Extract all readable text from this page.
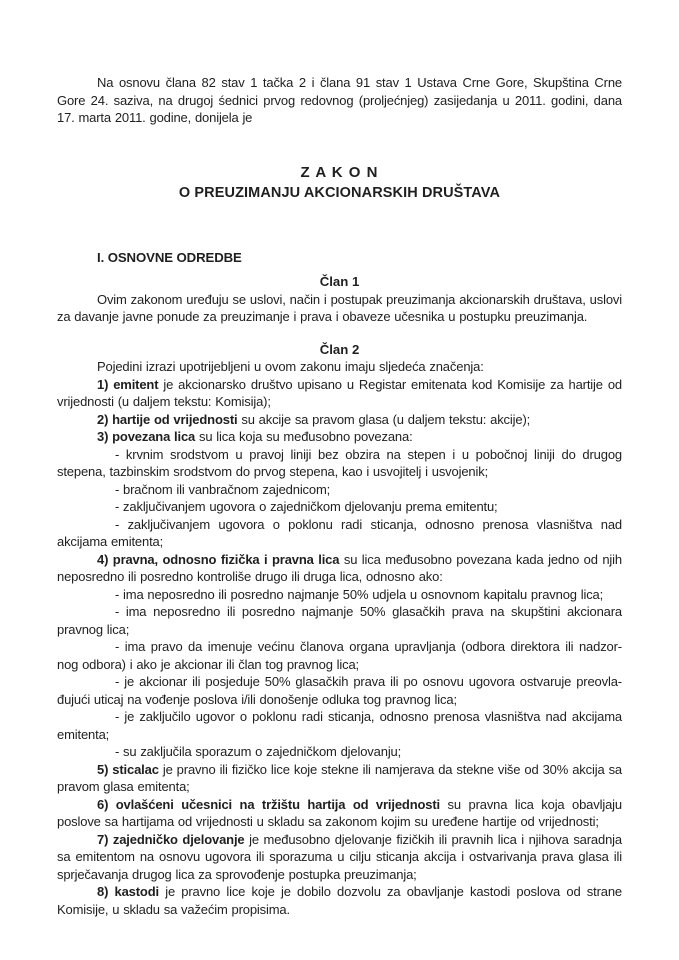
Na osnovu člana 82 stav 1 tačka 2 i člana 91 stav 1 Ustava Crne Gore, Skupština Crne Gore 24. saziva, na drugoj śednici prvog redovnog (proljećnjeg) zasijedanja u 2011. godini, dana 17. marta 2011. godine, donijela je

Z A K O N
O PREUZIMANJU AKCIONARSKIH DRUŠTAVA
I. OSNOVNE ODREDBE
Član 1

Ovim zakonom uređuju se uslovi, način i postupak preuzimanja akcionarskih društava, uslovi za davanje javne ponude za preuzimanje i prava i obaveze učesnika u postupku preuzimanja.

Član 2

Pojedini izrazi upotrijebljeni u ovom zakonu imaju sljedeća značenja:

1) emitent je akcionarsko društvo upisano u Registar emitenata kod Komisije za hartije od vrijednosti (u daljem tekstu: Komisija);

2) hartije od vrijednosti su akcije sa pravom glasa (u daljem tekstu: akcije);

3) povezana lica su lica koja su međusobno povezana:

- krvnim srodstvom u pravoj liniji bez obzira na stepen i u pobočnoj liniji do drugog stepena, tazbinskim srodstvom do prvog stepena, kao i usvojitelj i usvojenik;

- bračnom ili vanbračnom zajednicom;

- zaključivanjem ugovora o zajedničkom djelovanju prema emitentu;

- zaključivanjem ugovora o poklonu radi sticanja, odnosno prenosa vlasništva nad akcijama emitenta;

4) pravna, odnosno fizička i pravna lica su lica međusobno povezana kada jedno od njih neposredno ili posredno kontroliše drugo ili druga lica, odnosno ako:

- ima neposredno ili posredno najmanje 50% udjela u osnovnom kapitalu pravnog lica;

- ima neposredno ili posredno najmanje 50% glasačkih prava na skupštini akcionara pravnog lica;

- ima pravo da imenuje većinu članova organa upravljanja (odbora direktora ili nadzor-nog odbora) i ako je akcionar ili član tog pravnog lica;

- je akcionar ili posjeduje 50% glasačkih prava ili po osnovu ugovora ostvaruje preovla-đujući uticaj na vođenje poslova i/ili donošenje odluka tog pravnog lica;

- je zaključilo ugovor o poklonu radi sticanja, odnosno prenosa vlasništva nad akcijama emitenta;

- su zaključila sporazum o zajedničkom djelovanju;

5) sticalac je pravno ili fizičko lice koje stekne ili namjerava da stekne više od 30% akcija sa pravom glasa emitenta;

6) ovlašćeni učesnici na tržištu hartija od vrijednosti su pravna lica koja obavljaju poslove sa hartijama od vrijednosti u skladu sa zakonom kojim su uređene hartije od vrijednosti;

7) zajedničko djelovanje je međusobno djelovanje fizičkih ili pravnih lica i njihova saradnja sa emitentom na osnovu ugovora ili sporazuma u cilju sticanja akcija i ostvarivanja prava glasa ili sprječavanja drugog lica za sprovođenje postupka preuzimanja;

8) kastodi je pravno lice koje je dobilo dozvolu za obavljanje kastodi poslova od strane Komisije, u skladu sa važećim propisima.
